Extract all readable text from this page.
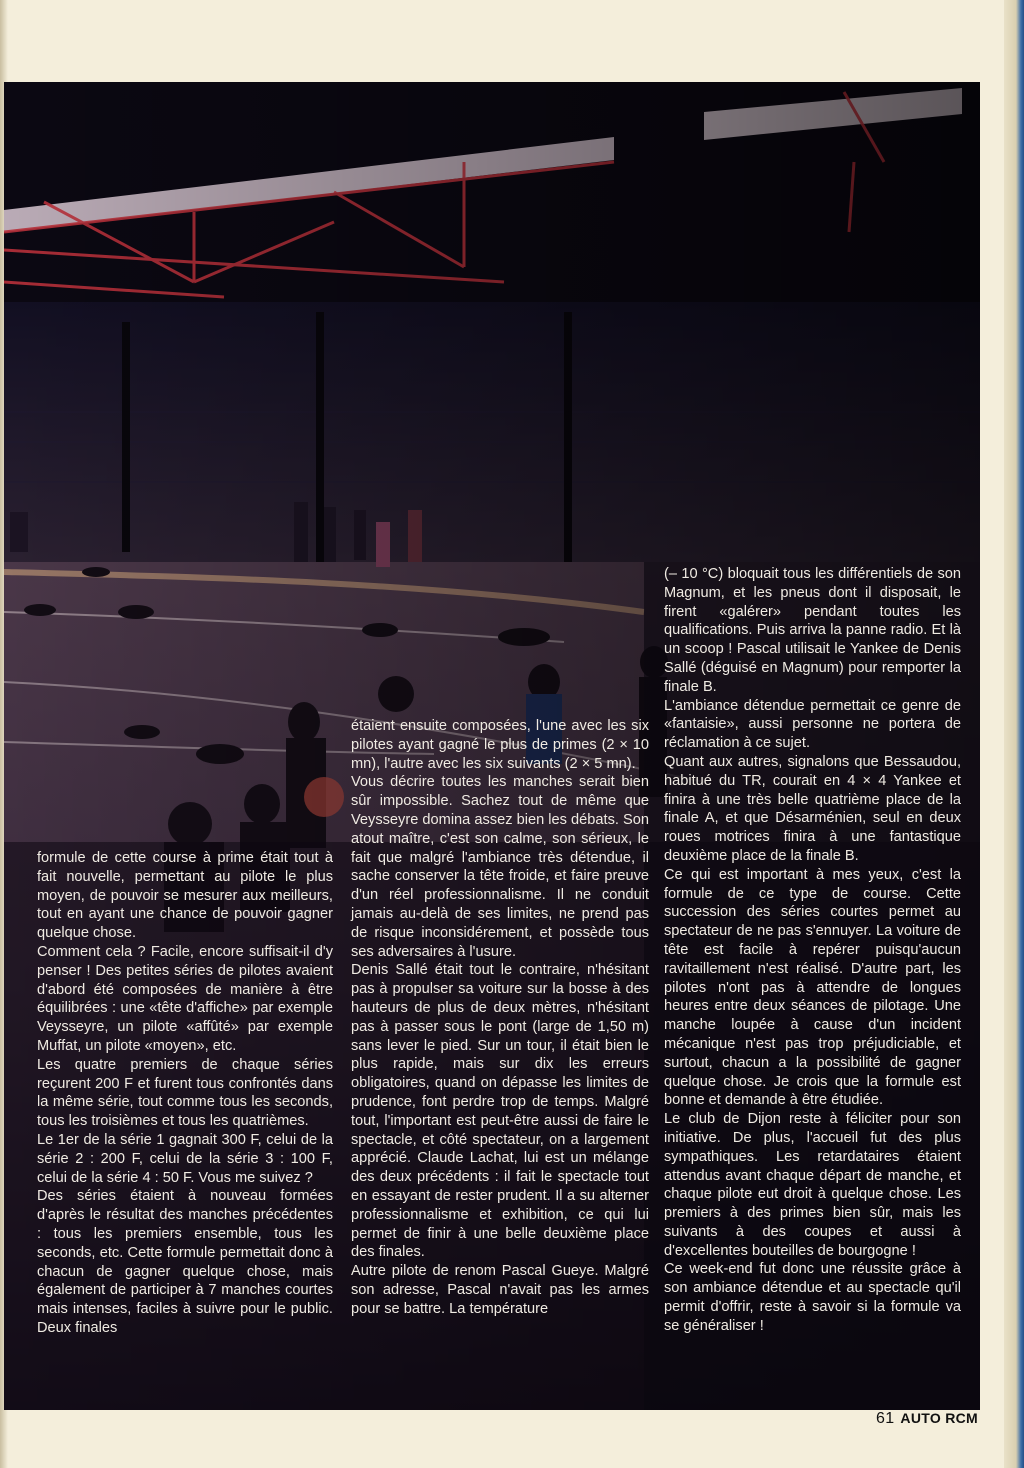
formule de cette course à prime était tout à fait nouvelle, permettant au pilote le plus moyen, de pouvoir se mesurer aux meilleurs, tout en ayant une chance de pouvoir gagner quelque chose.

Comment cela ? Facile, encore suffisait-il d'y penser ! Des petites séries de pilotes avaient d'abord été composées de manière à être équilibrées : une «tête d'affiche» par exemple Veysseyre, un pilote «affûté» par exemple Muffat, un pilote «moyen», etc.

Les quatre premiers de chaque séries reçurent 200 F et furent tous confrontés dans la même série, tout comme tous les seconds, tous les troisièmes et tous les quatrièmes.

Le 1er de la série 1 gagnait 300 F, celui de la série 2 : 200 F, celui de la série 3 : 100 F, celui de la série 4 : 50 F. Vous me suivez ?

Des séries étaient à nouveau formées d'après le résultat des manches précédentes : tous les premiers ensemble, tous les seconds, etc. Cette formule permettait donc à chacun de gagner quelque chose, mais également de participer à 7 manches courtes mais intenses, faciles à suivre pour le public. Deux finales

étaient ensuite composées, l'une avec les six pilotes ayant gagné le plus de primes (2 × 10 mn), l'autre avec les six suivants (2 × 5 mn).

Vous décrire toutes les manches serait bien sûr impossible. Sachez tout de même que Veysseyre domina assez bien les débats. Son atout maître, c'est son calme, son sérieux, le fait que malgré l'ambiance très détendue, il sache conserver la tête froide, et faire preuve d'un réel professionnalisme. Il ne conduit jamais au-delà de ses limites, ne prend pas de risque inconsidérement, et possède tous ses adversaires à l'usure.

Denis Sallé était tout le contraire, n'hésitant pas à propulser sa voiture sur la bosse à des hauteurs de plus de deux mètres, n'hésitant pas à passer sous le pont (large de 1,50 m) sans lever le pied. Sur un tour, il était bien le plus rapide, mais sur dix les erreurs obligatoires, quand on dépasse les limites de prudence, font perdre trop de temps. Malgré tout, l'important est peut-être aussi de faire le spectacle, et côté spectateur, on a largement apprécié. Claude Lachat, lui est un mélange des deux précédents : il fait le spectacle tout en essayant de rester prudent. Il a su alterner professionnalisme et exhibition, ce qui lui permet de finir à une belle deuxième place des finales.

Autre pilote de renom Pascal Gueye. Malgré son adresse, Pascal n'avait pas les armes pour se battre. La température

(– 10 °C) bloquait tous les différentiels de son Magnum, et les pneus dont il disposait, le firent «galérer» pendant toutes les qualifications. Puis arriva la panne radio. Et là un scoop ! Pascal utilisait le Yankee de Denis Sallé (déguisé en Magnum) pour remporter la finale B.

L'ambiance détendue permettait ce genre de «fantaisie», aussi personne ne portera de réclamation à ce sujet.

Quant aux autres, signalons que Bessaudou, habitué du TR, courait en 4 × 4 Yankee et finira à une très belle quatrième place de la finale A, et que Désarménien, seul en deux roues motrices finira à une fantastique deuxième place de la finale B.

Ce qui est important à mes yeux, c'est la formule de ce type de course. Cette succession des séries courtes permet au spectateur de ne pas s'ennuyer. La voiture de tête est facile à repérer puisqu'aucun ravitaillement n'est réalisé. D'autre part, les pilotes n'ont pas à attendre de longues heures entre deux séances de pilotage. Une manche loupée à cause d'un incident mécanique n'est pas trop préjudiciable, et surtout, chacun a la possibilité de gagner quelque chose. Je crois que la formule est bonne et demande à être étudiée.

Le club de Dijon reste à féliciter pour son initiative. De plus, l'accueil fut des plus sympathiques. Les retardataires étaient attendus avant chaque départ de manche, et chaque pilote eut droit à quelque chose. Les premiers à des primes bien sûr, mais les suivants à des coupes et aussi à d'excellentes bouteilles de bourgogne !

Ce week-end fut donc une réussite grâce à son ambiance détendue et au spectacle qu'il permit d'offrir, reste à savoir si la formule va se généraliser !

61 AUTO RCM
